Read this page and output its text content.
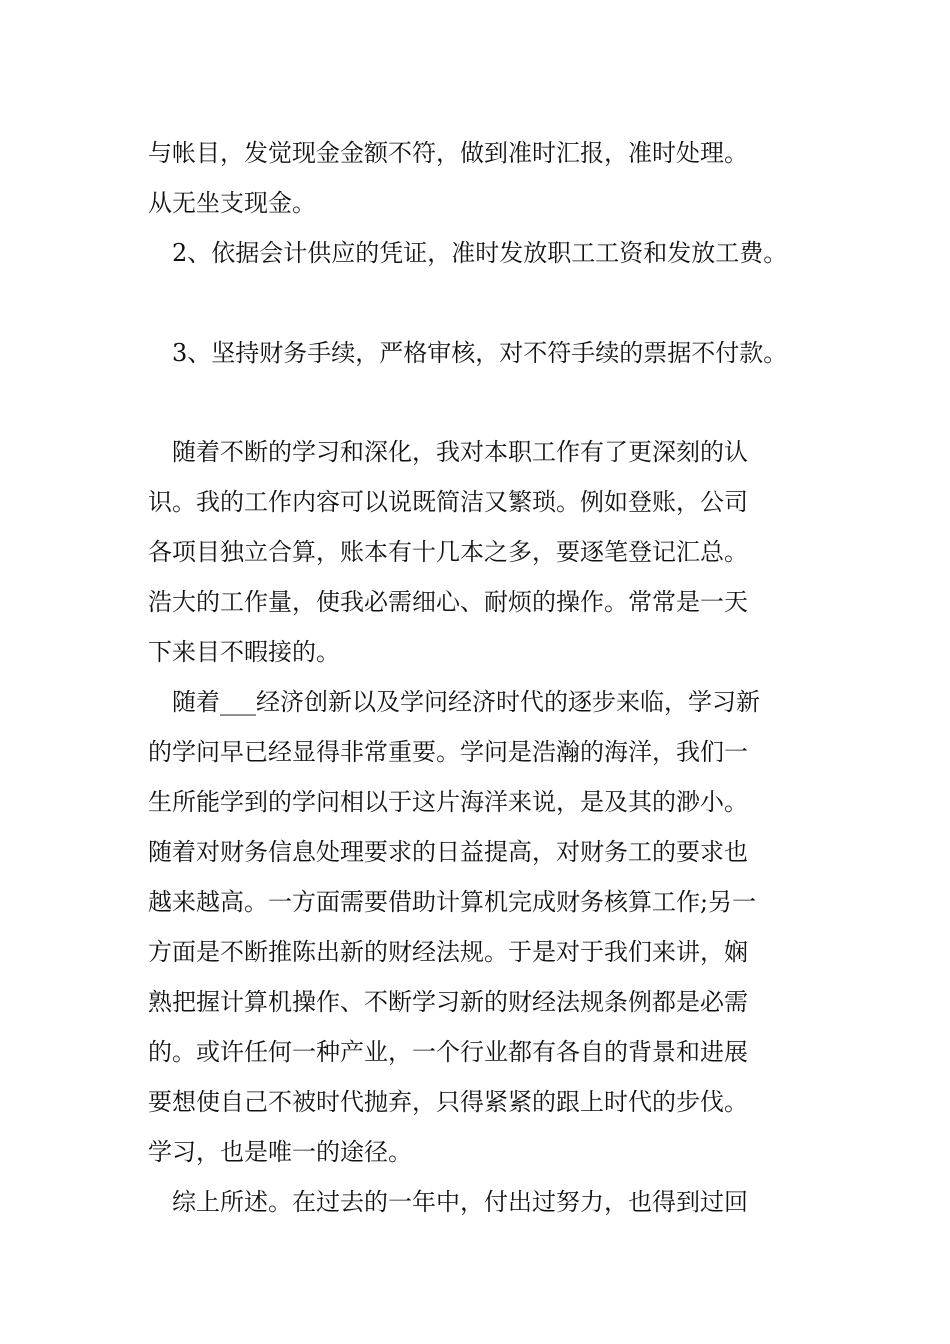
与帐目，发觉现金金额不符，做到准时汇报，准时处理。
从无坐支现金。
2、依据会计供应的凭证，准时发放职工工资和发放工费。
3、坚持财务手续，严格审核，对不符手续的票据不付款。
随着不断的学习和深化，我对本职工作有了更深刻的认
识。我的工作内容可以说既简洁又繁琐。例如登账，公司
各项目独立合算，账本有十几本之多，要逐笔登记汇总。
浩大的工作量，使我必需细心、耐烦的操作。常常是一天
下来目不暇接的。
随着___经济创新以及学问经济时代的逐步来临，学习新
的学问早已经显得非常重要。学问是浩瀚的海洋，我们一
生所能学到的学问相以于这片海洋来说，是及其的渺小。
随着对财务信息处理要求的日益提高，对财务工的要求也
越来越高。一方面需要借助计算机完成财务核算工作;另一
方面是不断推陈出新的财经法规。于是对于我们来讲，娴
熟把握计算机操作、不断学习新的财经法规条例都是必需
的。或许任何一种产业，一个行业都有各自的背景和进展
要想使自己不被时代抛弃，只得紧紧的跟上时代的步伐。
学习，也是唯一的途径。
综上所述。在过去的一年中，付出过努力，也得到过回
